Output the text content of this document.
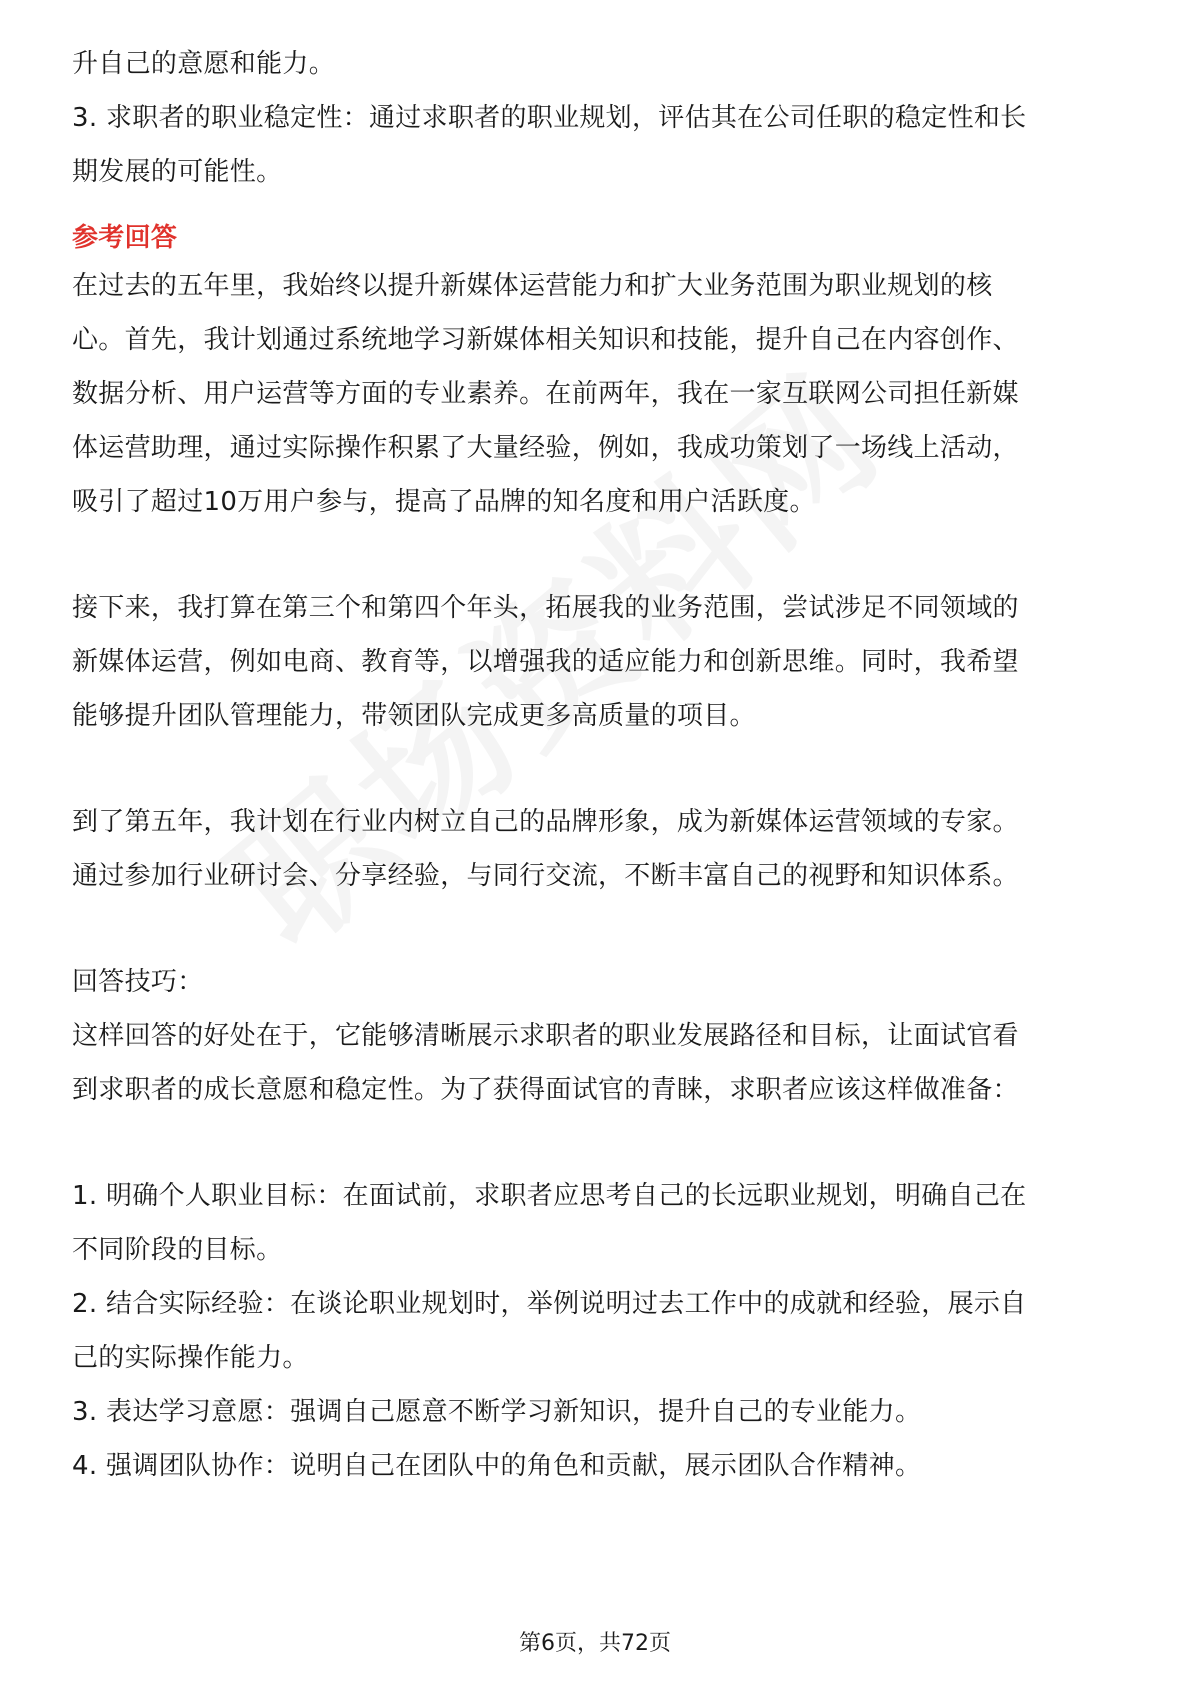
升自己的意愿和能力。
3. 求职者的职业稳定性：通过求职者的职业规划，评估其在公司任职的稳定性和长
期发展的可能性。
参考回答
在过去的五年里，我始终以提升新媒体运营能力和扩大业务范围为职业规划的核
心。首先，我计划通过系统地学习新媒体相关知识和技能，提升自己在内容创作、
数据分析、用户运营等方面的专业素养。在前两年，我在一家互联网公司担任新媒
体运营助理，通过实际操作积累了大量经验，例如，我成功策划了一场线上活动，
吸引了超过10万用户参与，提高了品牌的知名度和用户活跃度。
接下来，我打算在第三个和第四个年头，拓展我的业务范围，尝试涉足不同领域的
新媒体运营，例如电商、教育等，以增强我的适应能力和创新思维。同时，我希望
能够提升团队管理能力，带领团队完成更多高质量的项目。
到了第五年，我计划在行业内树立自己的品牌形象，成为新媒体运营领域的专家。
通过参加行业研讨会、分享经验，与同行交流，不断丰富自己的视野和知识体系。
回答技巧：
这样回答的好处在于，它能够清晰展示求职者的职业发展路径和目标，让面试官看
到求职者的成长意愿和稳定性。为了获得面试官的青睐，求职者应该这样做准备：
1. 明确个人职业目标：在面试前，求职者应思考自己的长远职业规划，明确自己在
不同阶段的目标。
2. 结合实际经验：在谈论职业规划时，举例说明过去工作中的成就和经验，展示自
己的实际操作能力。
3. 表达学习意愿：强调自己愿意不断学习新知识，提升自己的专业能力。
4. 强调团队协作：说明自己在团队中的角色和贡献，展示团队合作精神。
第6页，共72页
